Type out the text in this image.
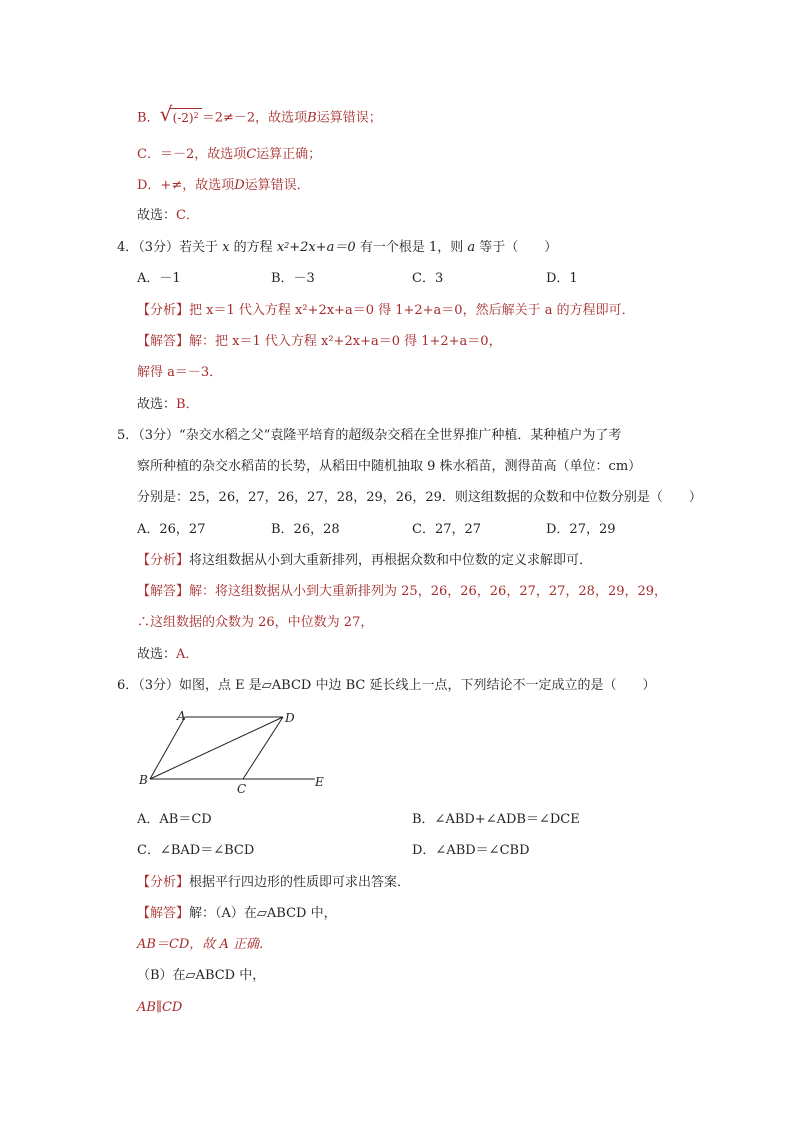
B． √ $(-2)^2 =2\ne-2$，故选项B运算错误；
C．＝－2，故选项C运算正确；
D．+≠，故选项D运算错误．
故选：C．
4．（3分）若关于 x 的方程 $x^2+2x+a=0$ 有一个根是 1，则 a 等于（　　）
A．－1	B．－3	C．3	D．1
【分析】把 x＝1 代入方程 x²+2x+a＝0 得 1+2+a＝0，然后解关于 a 的方程即可．
【解答】解：把 x＝1 代入方程 x²+2x+a＝0 得 1+2+a＝0，
解得 a＝－3．
故选：B．
5．（3分）“杂交水稻之父”袁隆平培育的超级杂交稻在全世界推广种植．某种植户为了考
察所种植的杂交水稻苗的长势，从稻田中随机抽取 9 株水稻苗，测得苗高（单位：cm）
分别是：25，26，27，26，27，28，29，26，29．则这组数据的众数和中位数分别是（　　）
A．26，27	B．26，28	C．27，27	D．27，29
【分析】将这组数据从小到大重新排列，再根据众数和中位数的定义求解即可．
【解答】解：将这组数据从小到大重新排列为 25，26，26，26，27，27，28，29，29，
∴这组数据的众数为 26，中位数为 27，
故选：A．
6．（3分）如图，点 E 是▱ABCD 中边 BC 延长线上一点，下列结论不一定成立的是（　　）
A	D
B
C	E
A．AB＝CD	B．∠ABD+∠ADB＝∠DCE
C．∠BAD＝∠BCD	D．∠ABD＝∠CBD
【分析】根据平行四边形的性质即可求出答案．
【解答】解：（A）在▱ABCD 中，
AB＝CD，故 A 正确．
（B）在▱ABCD 中，
AB∥CD
